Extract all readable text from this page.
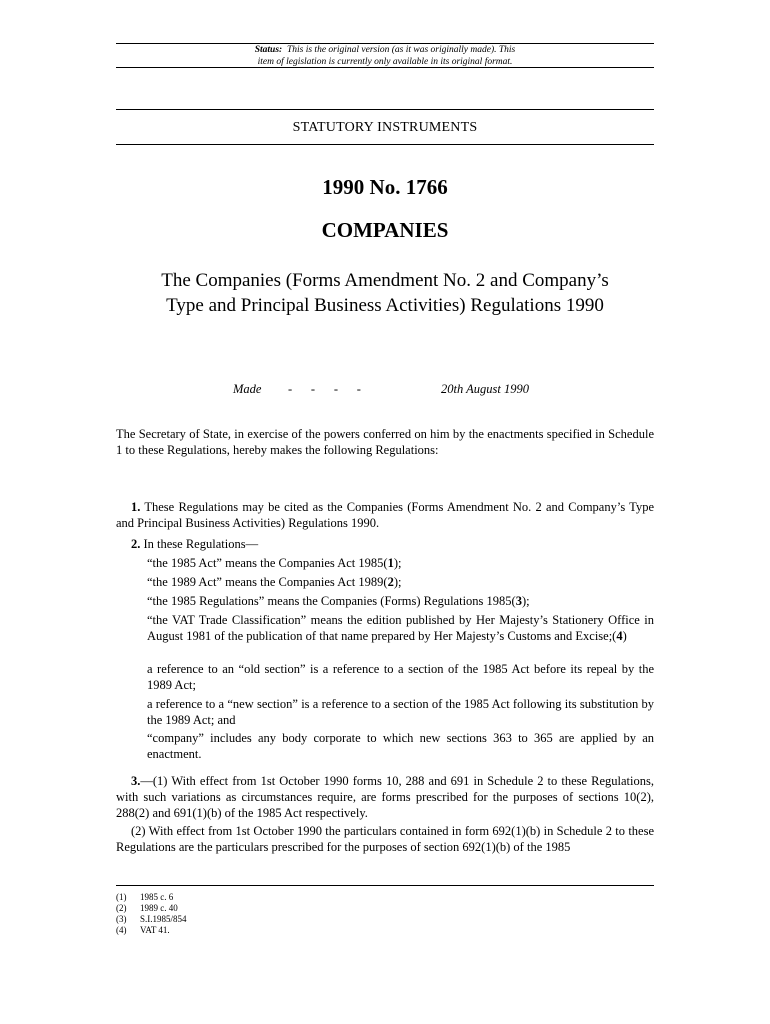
Status: This is the original version (as it was originally made). This
item of legislation is currently only available in its original format.
STATUTORY INSTRUMENTS
1990 No. 1766
COMPANIES
The Companies (Forms Amendment No. 2 and Company’s
Type and Principal Business Activities) Regulations 1990
Made -      -      -      -	20th August 1990
The Secretary of State, in exercise of the powers conferred on him by the enactments specified in Schedule 1 to these Regulations, hereby makes the following Regulations:
1. These Regulations may be cited as the Companies (Forms Amendment No. 2 and Company’s Type and Principal Business Activities) Regulations 1990.
2. In these Regulations—
“the 1985 Act” means the Companies Act 1985(1);
“the 1989 Act” means the Companies Act 1989(2);
“the 1985 Regulations” means the Companies (Forms) Regulations 1985(3);
“the VAT Trade Classification” means the edition published by Her Majesty’s Stationery Office in August 1981 of the publication of that name prepared by Her Majesty’s Customs and Excise;(4)
a reference to an “old section” is a reference to a section of the 1985 Act before its repeal by the 1989 Act;
a reference to a “new section” is a reference to a section of the 1985 Act following its substitution by the 1989 Act; and
“company” includes any body corporate to which new sections 363 to 365 are applied by an enactment.
3.—(1) With effect from 1st October 1990 forms 10, 288 and 691 in Schedule 2 to these Regulations, with such variations as circumstances require, are forms prescribed for the purposes of sections 10(2), 288(2) and 691(1)(b) of the 1985 Act respectively.
(2) With effect from 1st October 1990 the particulars contained in form 692(1)(b) in Schedule 2 to these Regulations are the particulars prescribed for the purposes of section 692(1)(b) of the 1985
(1) 1985 c. 6
(2) 1989 c. 40
(3) S.I.1985/854
(4) VAT 41.
